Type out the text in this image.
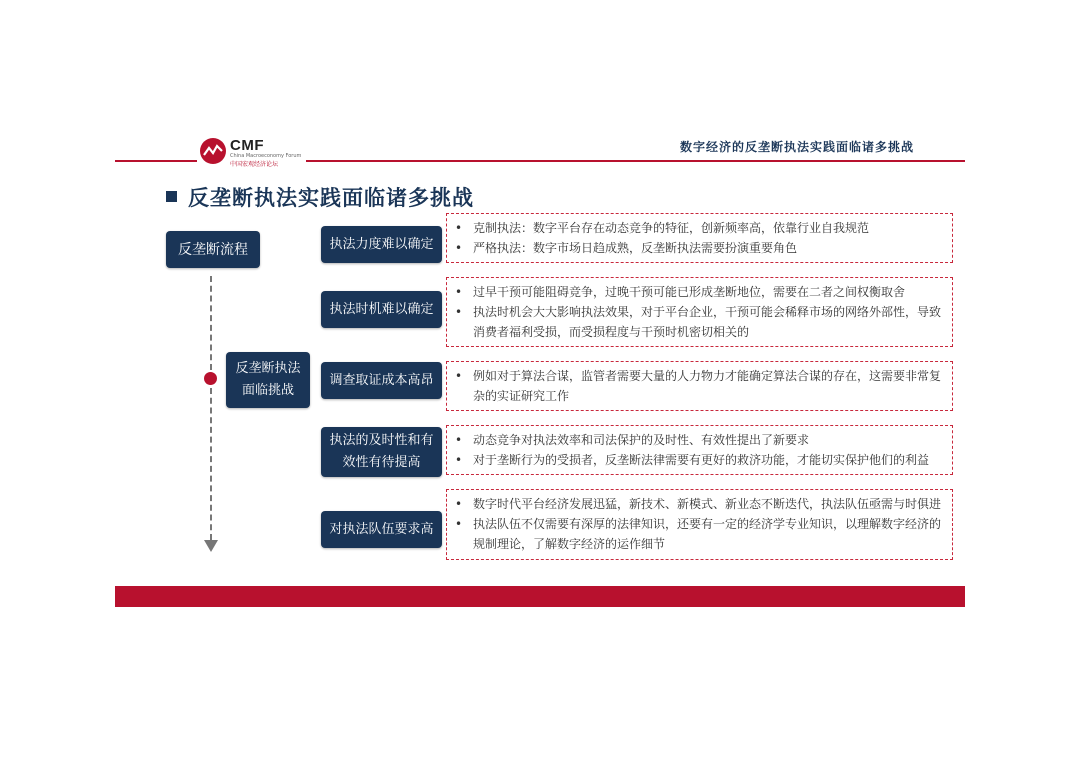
CMF
China Macroeconomy Forum
中国宏观经济论坛
数字经济的反垄断执法实践面临诸多挑战
反垄断执法实践面临诸多挑战
反垄断流程
反垄断执法
面临挑战
执法力度难以确定
• 克制执法：数字平台存在动态竞争的特征，创新频率高，依靠行业自我规范
• 严格执法：数字市场日趋成熟，反垄断执法需要扮演重要角色
执法时机难以确定
• 过早干预可能阻碍竞争，过晚干预可能已形成垄断地位，需要在二者之间权衡取舍
• 执法时机会大大影响执法效果，对于平台企业，干预可能会稀释市场的网络外部性，导致消费者福利受损，而受损程度与干预时机密切相关的
调查取证成本高昂
•	例如对于算法合谋，监管者需要大量的人力物力才能确定算法合谋的存在，这需要非常复杂的实证研究工作
执法的及时性和有
效性有待提高
• 动态竞争对执法效率和司法保护的及时性、有效性提出了新要求
• 对于垄断行为的受损者，反垄断法律需要有更好的救济功能，才能切实保护他们的利益
对执法队伍要求高
• 数字时代平台经济发展迅猛，新技术、新模式、新业态不断迭代，执法队伍亟需与时俱进
• 执法队伍不仅需要有深厚的法律知识，还要有一定的经济学专业知识，以理解数字经济的规制理论，了解数字经济的运作细节
